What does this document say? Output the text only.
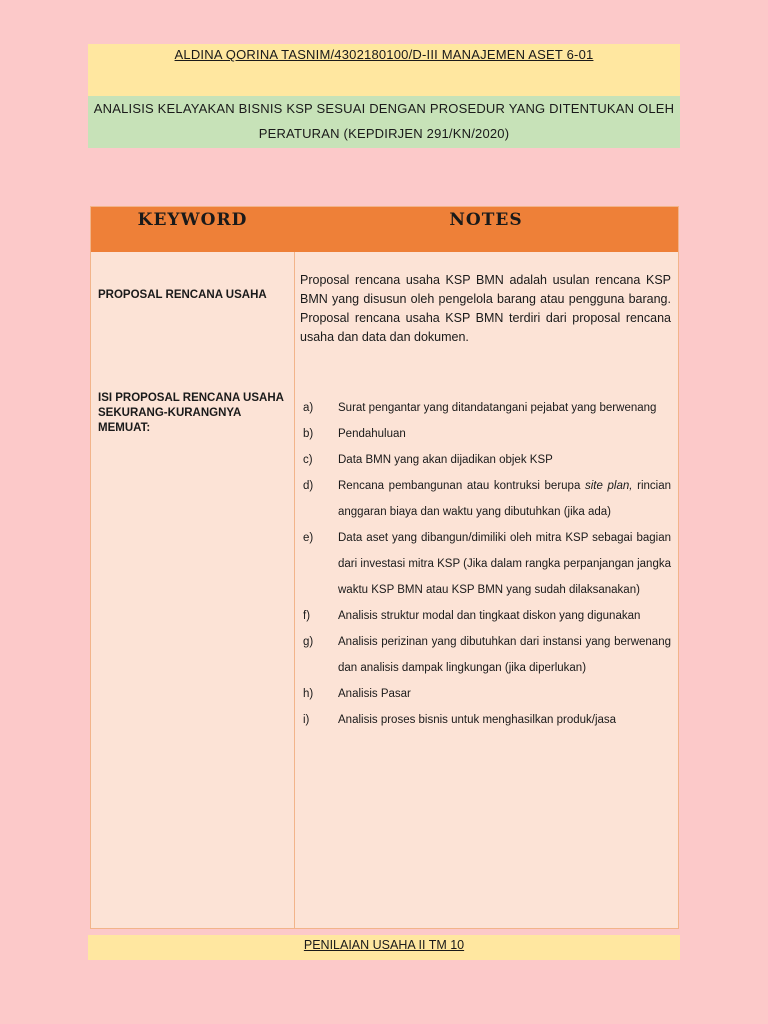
ALDINA QORINA TASNIM/4302180100/D-III MANAJEMEN ASET 6-01
ANALISIS KELAYAKAN BISNIS KSP SESUAI DENGAN PROSEDUR YANG DITENTUKAN OLEH
PERATURAN (KEPDIRJEN 291/KN/2020)
KEYWORD	NOTES
PROPOSAL RENCANA USAHA
Proposal rencana usaha KSP BMN adalah usulan rencana KSP BMN yang disusun oleh pengelola barang atau pengguna barang. Proposal rencana usaha KSP BMN terdiri dari proposal rencana usaha dan data dan dokumen.
ISI PROPOSAL RENCANA USAHA SEKURANG-KURANGNYA MEMUAT:
a)	Surat pengantar yang ditandatangani pejabat yang berwenang
b)	Pendahuluan
c)	Data BMN yang akan dijadikan objek KSP
d)	Rencana pembangunan atau kontruksi berupa site plan, rincian anggaran biaya dan waktu yang dibutuhkan (jika ada)
e)	Data aset yang dibangun/dimiliki oleh mitra KSP sebagai bagian dari investasi mitra KSP (Jika dalam rangka perpanjangan jangka waktu KSP BMN atau KSP BMN yang sudah dilaksanakan)
f)	Analisis struktur modal dan tingkaat diskon yang digunakan
g)	Analisis perizinan yang dibutuhkan dari instansi yang berwenang dan analisis dampak lingkungan (jika diperlukan)
h)	Analisis Pasar
i)	Analisis proses bisnis untuk menghasilkan produk/jasa
PENILAIAN USAHA II TM 10
